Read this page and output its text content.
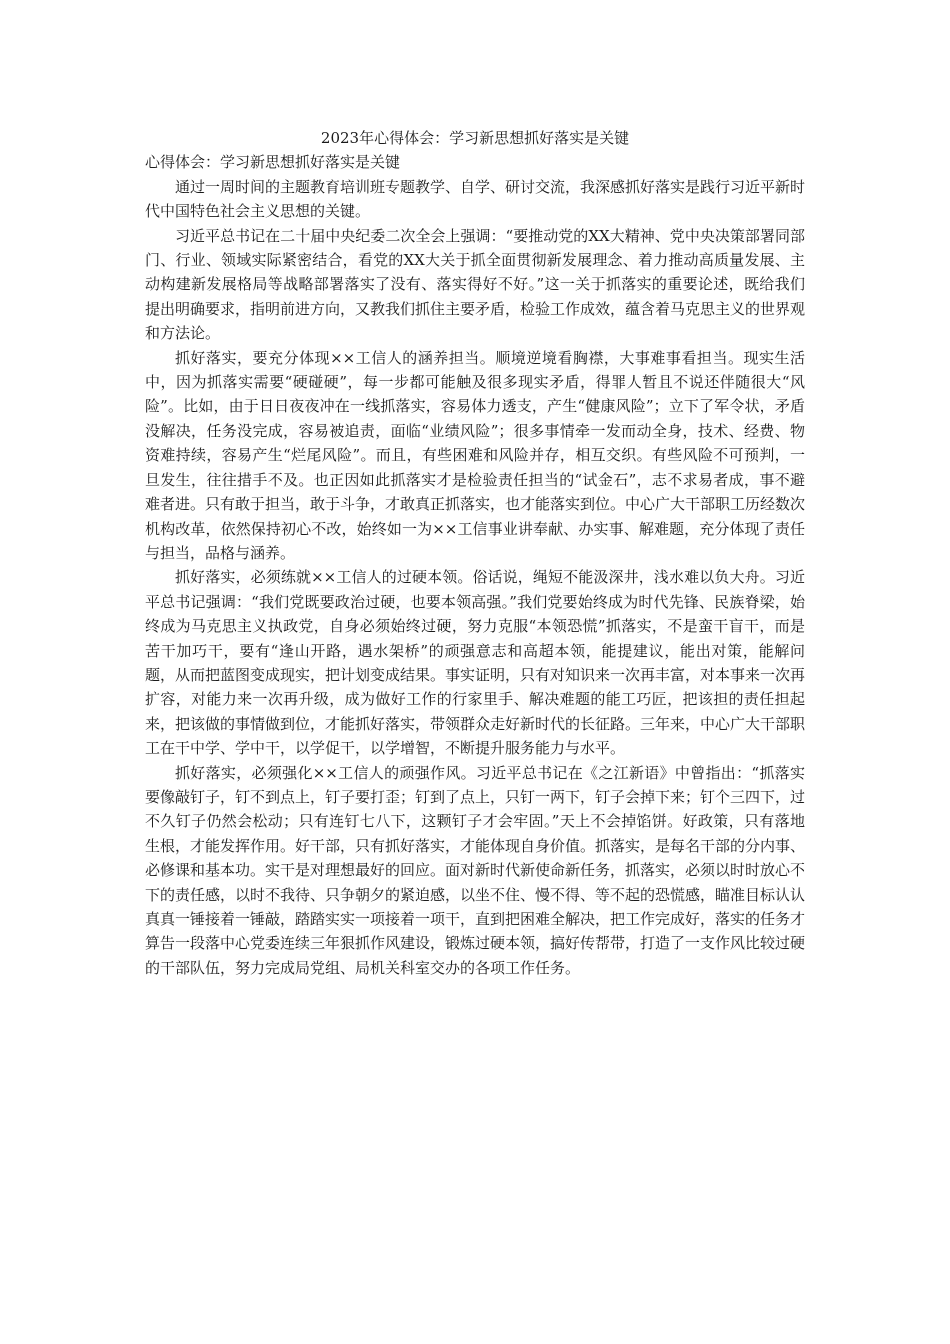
2023年心得体会：学习新思想抓好落实是关键

心得体会：学习新思想抓好落实是关键

通过一周时间的主题教育培训班专题教学、自学、研讨交流，我深感抓好落实是践行习近平新时代中国特色社会主义思想的关键。

习近平总书记在二十届中央纪委二次全会上强调：“要推动党的XX大精神、党中央决策部署同部门、行业、领域实际紧密结合，看党的XX大关于抓全面贯彻新发展理念、着力推动高质量发展、主动构建新发展格局等战略部署落实了没有、落实得好不好。”这一关于抓落实的重要论述，既给我们提出明确要求，指明前进方向，又教我们抓住主要矛盾，检验工作成效，蕴含着马克思主义的世界观和方法论。

抓好落实，要充分体现××工信人的涵养担当。顺境逆境看胸襟，大事难事看担当。现实生活中，因为抓落实需要“硬碰硬”，每一步都可能触及很多现实矛盾，得罪人暂且不说还伴随很大“风险”。比如，由于日日夜夜冲在一线抓落实，容易体力透支，产生“健康风险”；立下了军令状，矛盾没解决，任务没完成，容易被追责，面临“业绩风险”；很多事情牵一发而动全身，技术、经费、物资难持续，容易产生“烂尾风险”。而且，有些困难和风险并存，相互交织。有些风险不可预判，一旦发生，往往措手不及。也正因如此抓落实才是检验责任担当的“试金石”，志不求易者成，事不避难者进。只有敢于担当，敢于斗争，才敢真正抓落实，也才能落实到位。中心广大干部职工历经数次机构改革，依然保持初心不改，始终如一为××工信事业讲奉献、办实事、解难题，充分体现了责任与担当，品格与涵养。

抓好落实，必须练就××工信人的过硬本领。俗话说，绳短不能汲深井，浅水难以负大舟。习近平总书记强调：“我们党既要政治过硬，也要本领高强。”我们党要始终成为时代先锋、民族脊梁，始终成为马克思主义执政党，自身必须始终过硬，努力克服“本领恐慌”抓落实，不是蛮干盲干，而是苦干加巧干，要有“逢山开路，遇水架桥”的顽强意志和高超本领，能提建议，能出对策，能解问题，从而把蓝图变成现实，把计划变成结果。事实证明，只有对知识来一次再丰富，对本事来一次再扩容，对能力来一次再升级，成为做好工作的行家里手、解决难题的能工巧匠，把该担的责任担起来，把该做的事情做到位，才能抓好落实，带领群众走好新时代的长征路。三年来，中心广大干部职工在干中学、学中干，以学促干，以学增智，不断提升服务能力与水平。

抓好落实，必须强化××工信人的顽强作风。习近平总书记在《之江新语》中曾指出：“抓落实要像敲钉子，钉不到点上，钉子要打歪；钉到了点上，只钉一两下，钉子会掉下来；钉个三四下，过不久钉子仍然会松动；只有连钉七八下，这颗钉子才会牢固。”天上不会掉馅饼。好政策，只有落地生根，才能发挥作用。好干部，只有抓好落实，才能体现自身价值。抓落实，是每名干部的分内事、必修课和基本功。实干是对理想最好的回应。面对新时代新使命新任务，抓落实，必须以时时放心不下的责任感，以时不我待、只争朝夕的紧迫感，以坐不住、慢不得、等不起的恐慌感，瞄准目标认认真真一锤接着一锤敲，踏踏实实一项接着一项干，直到把困难全解决，把工作完成好，落实的任务才算告一段落中心党委连续三年狠抓作风建设，锻炼过硬本领，搞好传帮带，打造了一支作风比较过硬的干部队伍，努力完成局党组、局机关科室交办的各项工作任务。
